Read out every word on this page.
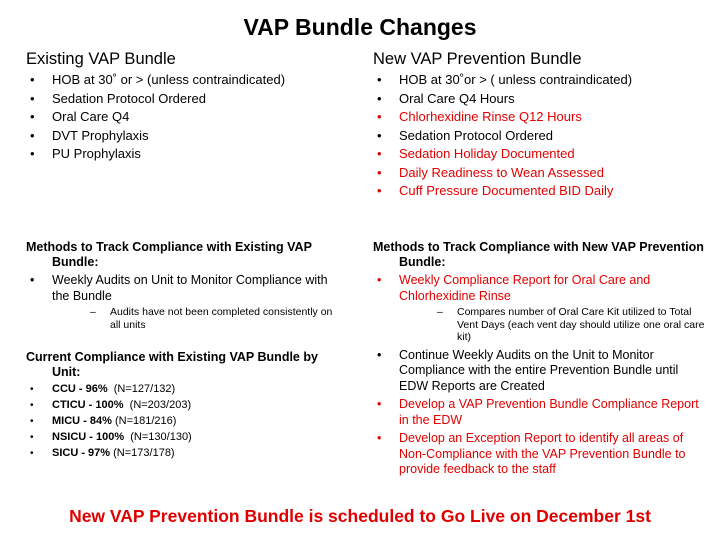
VAP Bundle Changes
Existing VAP Bundle
• HOB at 30˚ or > (unless contraindicated)
• Sedation Protocol Ordered
• Oral Care Q4
• DVT Prophylaxis
• PU Prophylaxis
New VAP Prevention Bundle
• HOB at 30˚or > ( unless contraindicated)
• Oral Care Q4 Hours
• Chlorhexidine Rinse Q12 Hours
• Sedation Protocol Ordered
• Sedation Holiday Documented
• Daily Readiness to Wean Assessed
• Cuff Pressure Documented BID Daily
Methods to Track Compliance with Existing VAP Bundle:
• Weekly Audits on Unit to Monitor Compliance with the Bundle
– Audits have not been completed consistently on all units
Current Compliance with Existing VAP Bundle by Unit:
• CCU - 96% (N=127/132)
• CTICU - 100% (N=203/203)
• MICU - 84% (N=181/216)
• NSICU - 100% (N=130/130)
• SICU - 97% (N=173/178)
Methods to Track Compliance with New VAP Prevention Bundle:
• Weekly Compliance Report for Oral Care and Chlorhexidine Rinse
– Compares number of Oral Care Kit utilized to Total Vent Days (each vent day should utilize one oral care kit)
• Continue Weekly Audits on the Unit to Monitor Compliance with the entire Prevention Bundle until EDW Reports are Created
• Develop a VAP Prevention Bundle Compliance Report in the EDW
• Develop an Exception Report to identify all areas of Non-Compliance with the VAP Prevention Bundle to provide feedback to the staff
New VAP Prevention Bundle is scheduled to Go Live on December 1st
